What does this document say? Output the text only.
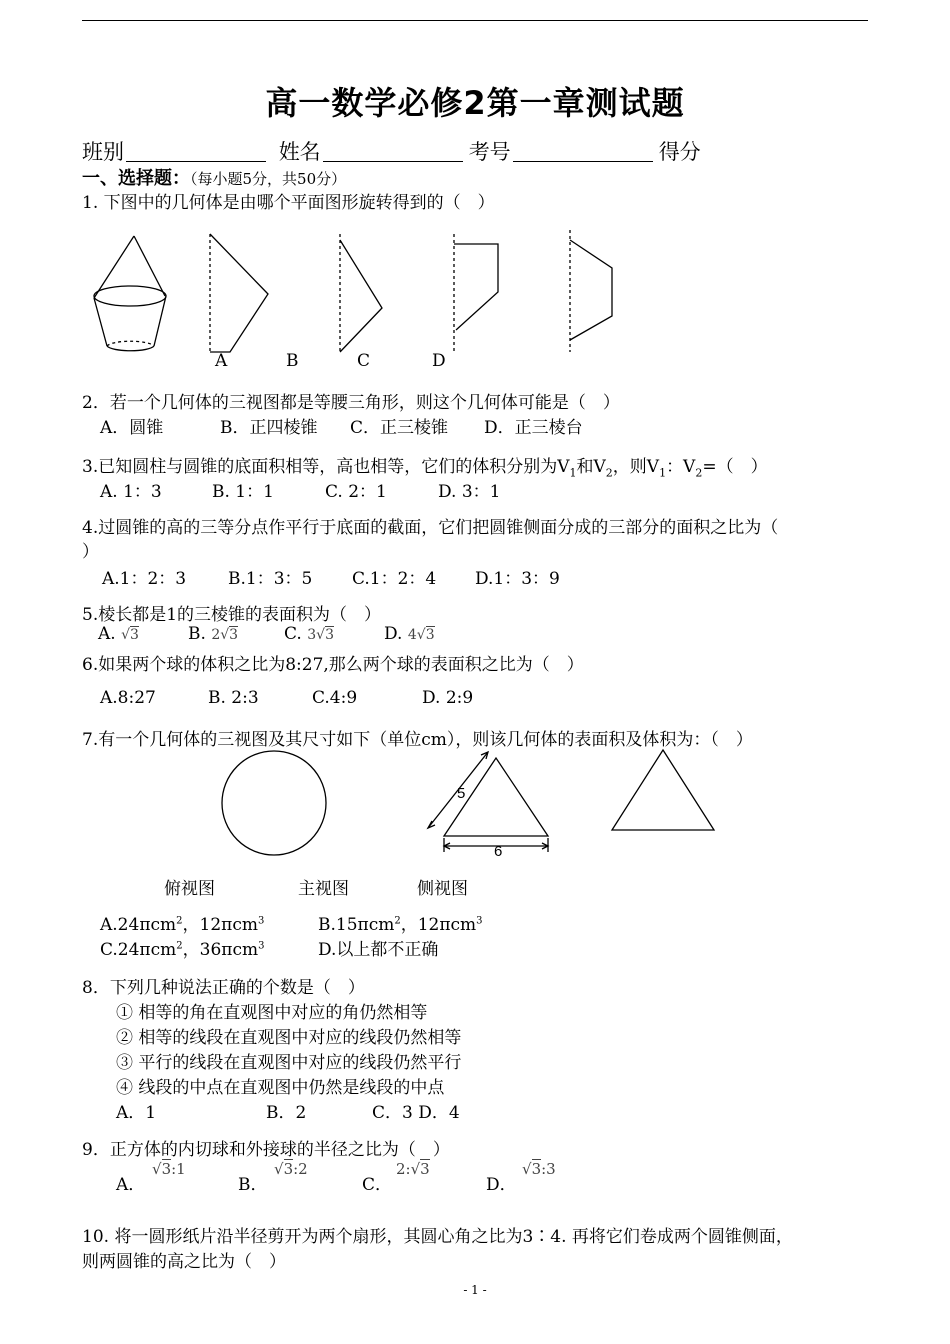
高一数学必修2第一章测试题
班别	姓名	考号	得分
一、选择题：（每小题5分，共50分）
1. 下图中的几何体是由哪个平面图形旋转得到的（　）
A	B	C	D
2．若一个几何体的三视图都是等腰三角形，则这个几何体可能是（　）
A．圆锥	B．正四棱锥 C．正三棱锥 D．正三棱台
3.已知圆柱与圆锥的底面积相等，高也相等，它们的体积分别为$V_1$和$V_2$，则$V_1$：$V_2=$（　）
A. 1：3	B. 1：1	C. 2：1	D. 3：1
4.过圆锥的高的三等分点作平行于底面的截面，它们把圆锥侧面分成的三部分的面积之比为（
）
A.1：2：3 B.1：3：5 C.1：2：4 D.1：3：9
5.棱长都是1的三棱锥的表面积为（　）
A. √3	B. 2√3	C. 3√3	D. 4√3
6.如果两个球的体积之比为8:27,那么两个球的表面积之比为（　）
A.8:27	B. 2:3	C.4:9	D. 2:9
7.有一个几何体的三视图及其尺寸如下（单位cm），则该几何体的表面积及体积为：（　）
5
6
俯视图	主视图	侧视图
A.24πcm$^2$，12πcm$^3$	B.15πcm$^2$，12πcm$^3$
C.24πcm$^2$，36πcm$^3$	D.以上都不正确
8．下列几种说法正确的个数是（　）
① 相等的角在直观图中对应的角仍然相等
② 相等的线段在直观图中对应的线段仍然相等
③ 平行的线段在直观图中对应的线段仍然平行
④ 线段的中点在直观图中仍然是线段的中点
A．1	B．2	C．3 D．4
9．正方体的内切球和外接球的半径之比为（　）
A．
√3:1
B．
√3:2
C．
2:√3
D．
√3:3
10. 将一圆形纸片沿半径剪开为两个扇形，其圆心角之比为3∶4. 再将它们卷成两个圆锥侧面，
则两圆锥的高之比为（　）
- 1 -
